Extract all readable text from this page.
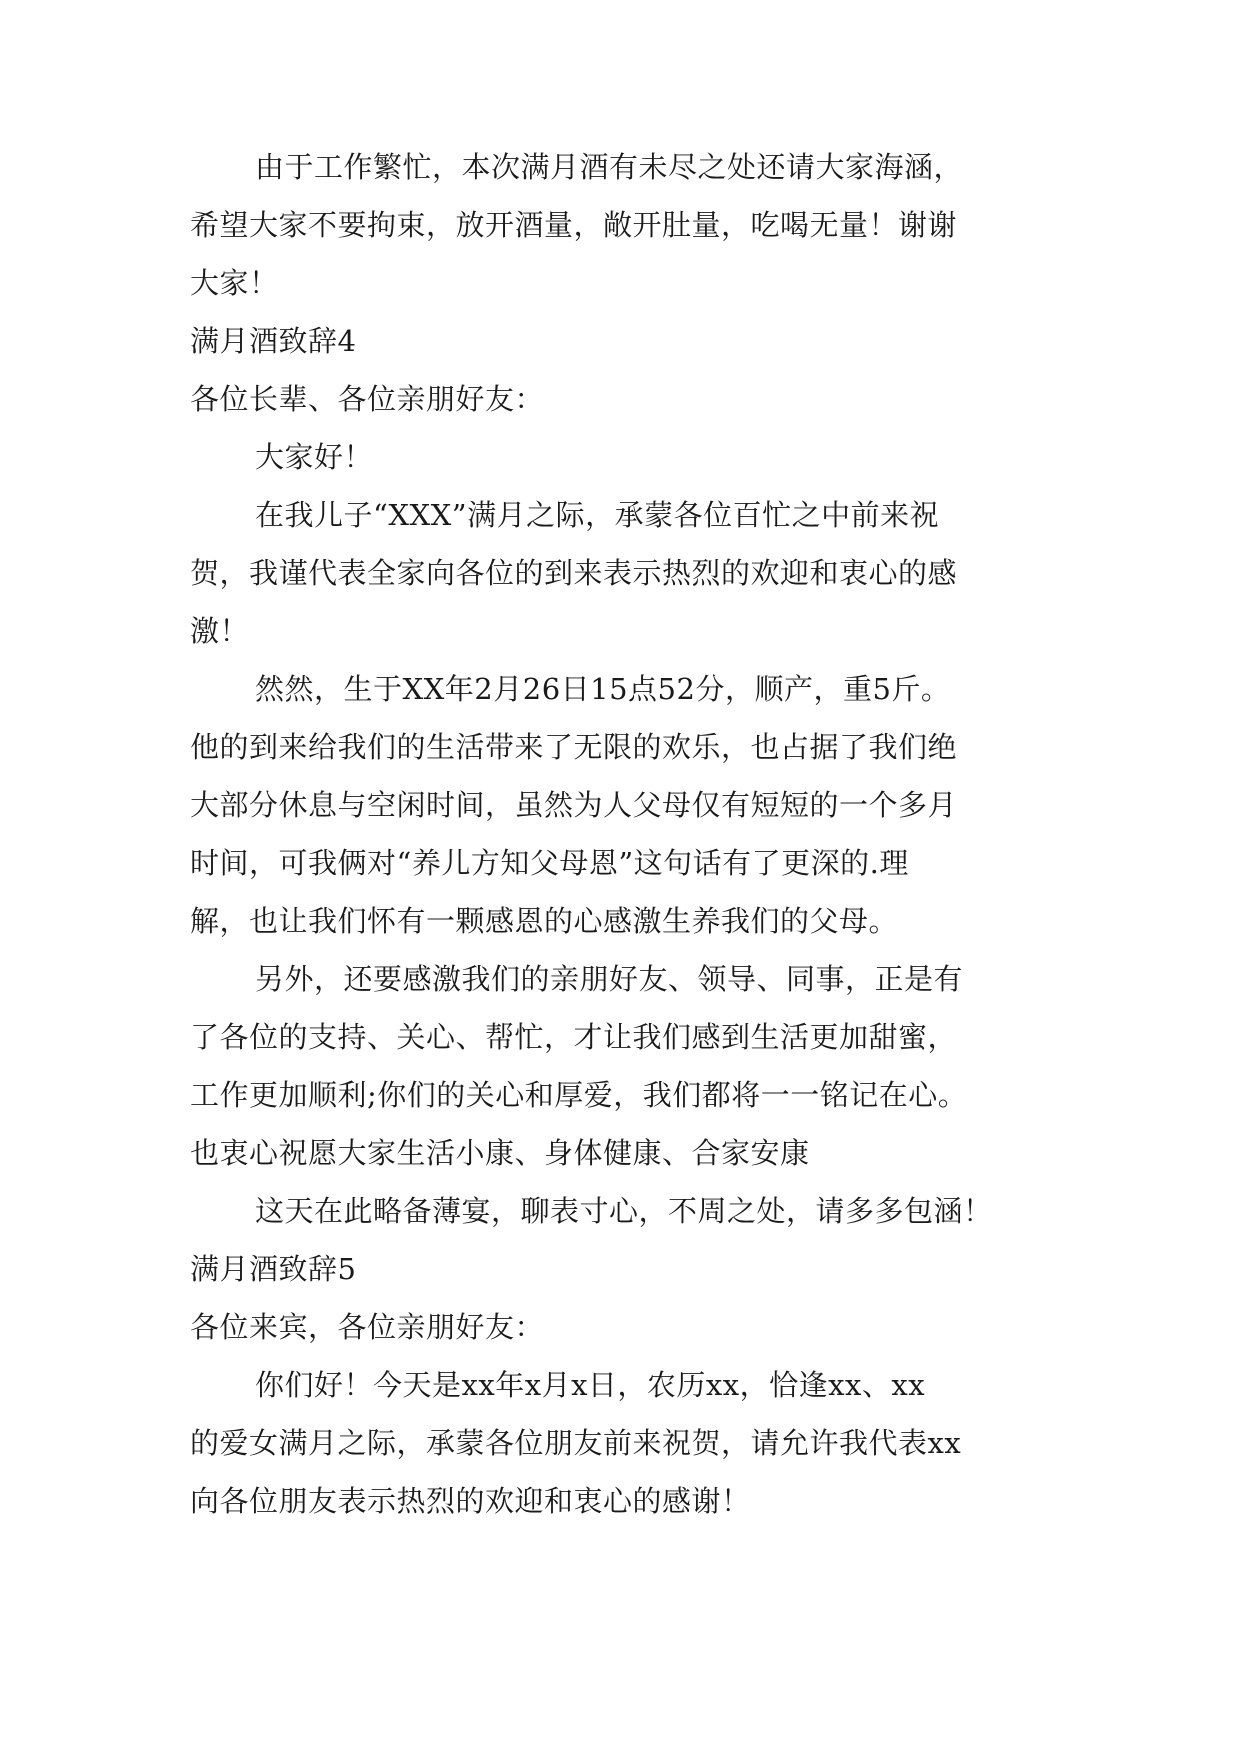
由于工作繁忙，本次满月酒有未尽之处还请大家海涵，
希望大家不要拘束，放开酒量，敞开肚量，吃喝无量！谢谢
大家！
满月酒致辞4
各位长辈、各位亲朋好友：
大家好！
在我儿子“XXX”满月之际，承蒙各位百忙之中前来祝
贺，我谨代表全家向各位的到来表示热烈的欢迎和衷心的感
激！
然然，生于XX年2月26日15点52分，顺产，重5斤。
他的到来给我们的生活带来了无限的欢乐，也占据了我们绝
大部分休息与空闲时间，虽然为人父母仅有短短的一个多月
时间，可我俩对“养儿方知父母恩”这句话有了更深的.理
解，也让我们怀有一颗感恩的心感激生养我们的父母。
另外，还要感激我们的亲朋好友、领导、同事，正是有
了各位的支持、关心、帮忙，才让我们感到生活更加甜蜜，
工作更加顺利;你们的关心和厚爱，我们都将一一铭记在心。
也衷心祝愿大家生活小康、身体健康、合家安康
这天在此略备薄宴，聊表寸心，不周之处，请多多包涵！
满月酒致辞5
各位来宾，各位亲朋好友：
你们好！今天是xx年x月x日，农历xx，恰逢xx、xx
的爱女满月之际，承蒙各位朋友前来祝贺，请允许我代表xx
向各位朋友表示热烈的欢迎和衷心的感谢！
